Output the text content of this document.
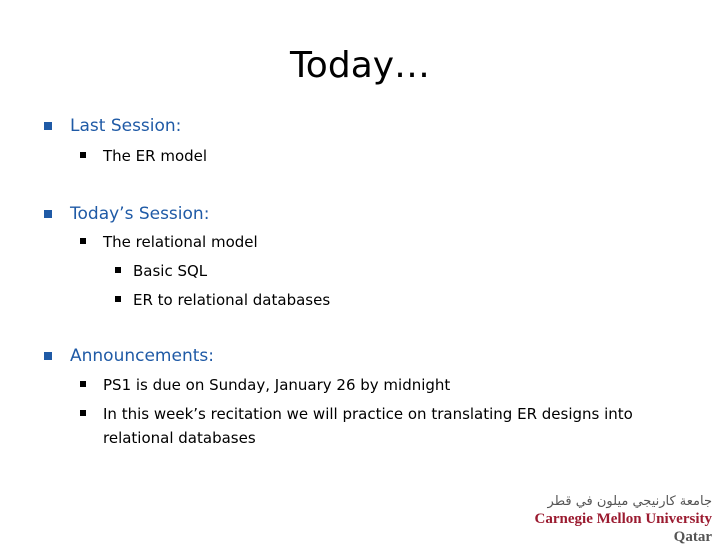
Today…
Last Session:
The ER model
Today’s Session:
The relational model
Basic SQL
ER to relational databases
Announcements:
PS1 is due on Sunday, January 26 by midnight
In this week’s recitation we will practice on translating ER designs into
relational databases
جامعة كارنيجي ميلون في قطر
Carnegie Mellon University Qatar
